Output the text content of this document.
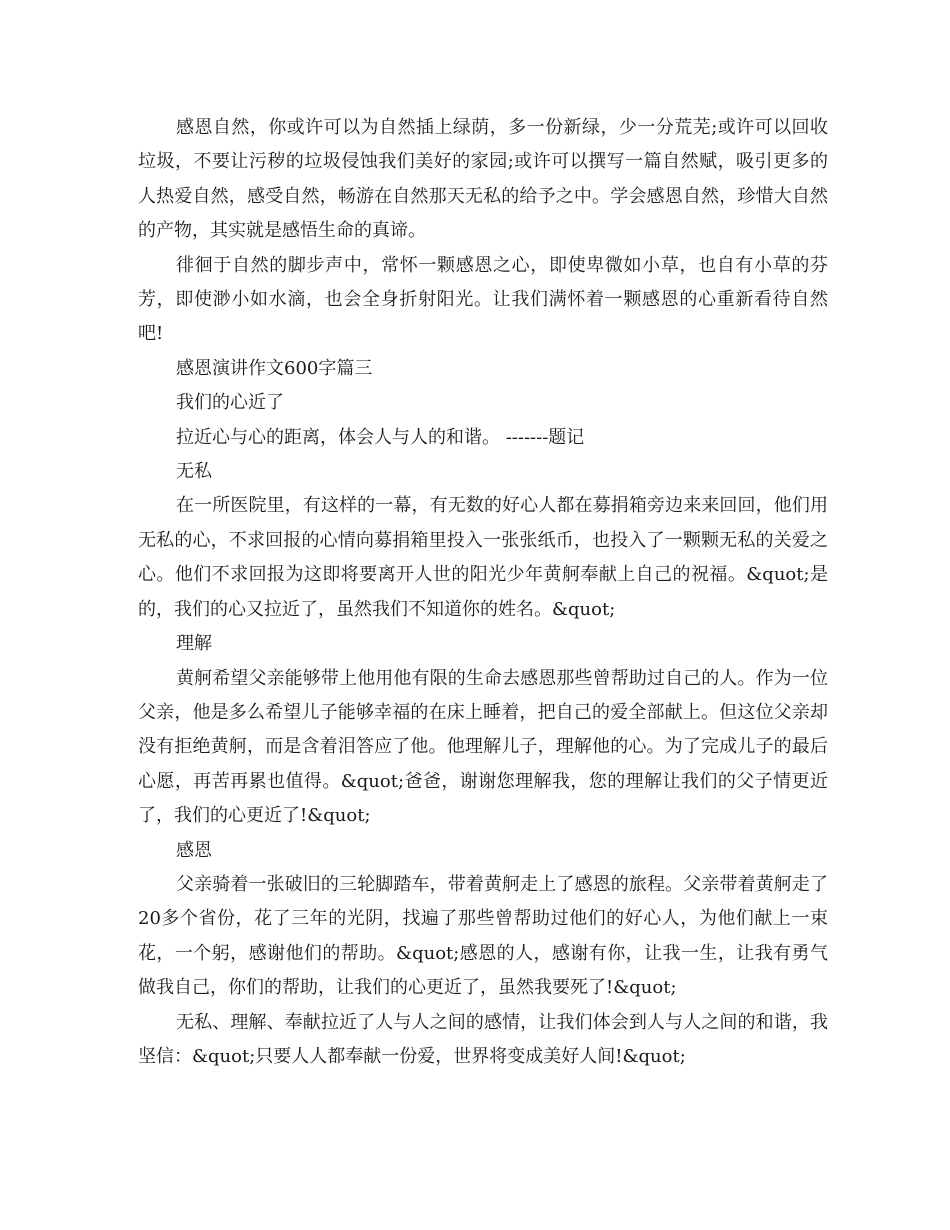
感恩自然，你或许可以为自然插上绿荫，多一份新绿，少一分荒芜;或许可以回收垃圾，不要让污秽的垃圾侵蚀我们美好的家园;或许可以撰写一篇自然赋，吸引更多的人热爱自然，感受自然，畅游在自然那天无私的给予之中。学会感恩自然，珍惜大自然的产物，其实就是感悟生命的真谛。

徘徊于自然的脚步声中，常怀一颗感恩之心，即使卑微如小草，也自有小草的芬芳，即使渺小如水滴，也会全身折射阳光。让我们满怀着一颗感恩的心重新看待自然吧!

感恩演讲作文600字篇三

我们的心近了

拉近心与心的距离，体会人与人的和谐。 -------题记

无私

在一所医院里，有这样的一幕，有无数的好心人都在募捐箱旁边来来回回，他们用无私的心，不求回报的心情向募捐箱里投入一张张纸币，也投入了一颗颗无私的关爱之心。他们不求回报为这即将要离开人世的阳光少年黄舸奉献上自己的祝福。&quot;是的，我们的心又拉近了，虽然我们不知道你的姓名。&quot;

理解

黄舸希望父亲能够带上他用他有限的生命去感恩那些曾帮助过自己的人。作为一位父亲，他是多么希望儿子能够幸福的在床上睡着，把自己的爱全部献上。但这位父亲却没有拒绝黄舸，而是含着泪答应了他。他理解儿子，理解他的心。为了完成儿子的最后心愿，再苦再累也值得。&quot;爸爸，谢谢您理解我，您的理解让我们的父子情更近了，我们的心更近了!&quot;

感恩

父亲骑着一张破旧的三轮脚踏车，带着黄舸走上了感恩的旅程。父亲带着黄舸走了20多个省份，花了三年的光阴，找遍了那些曾帮助过他们的好心人，为他们献上一束花，一个躬，感谢他们的帮助。&quot;感恩的人，感谢有你，让我一生，让我有勇气做我自己，你们的帮助，让我们的心更近了，虽然我要死了!&quot;

无私、理解、奉献拉近了人与人之间的感情，让我们体会到人与人之间的和谐，我坚信：&quot;只要人人都奉献一份爱，世界将变成美好人间!&quot;
